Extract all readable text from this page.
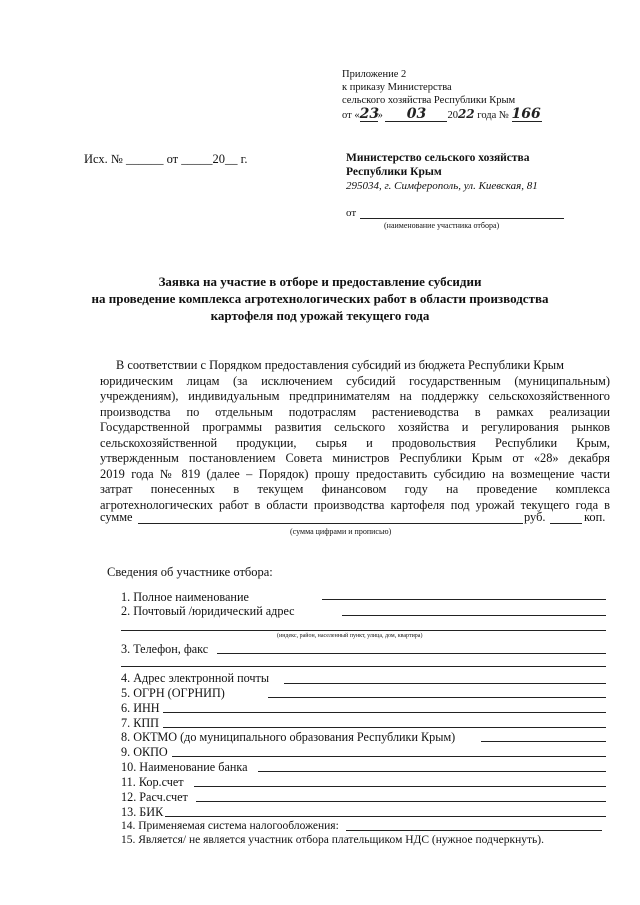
Приложение 2
к приказу Министерства
сельского хозяйства Республики Крым
от «23» 03 2022 года № 166
Исх. № ______ от _____20__ г.	Министерство сельского хозяйства
Республики Крым
295034, г. Симферополь, ул. Киевская, 81
от
(наименование участника отбора)
Заявка на участие в отборе и предоставление субсидии
на проведение комплекса агротехнологических работ в области производства
картофеля под урожай текущего года
В соответствии с Порядком предоставления субсидий из бюджета Республики Крым
юридическим лицам (за исключением субсидий государственным (муниципальным)
учреждениям), индивидуальным предпринимателям на поддержку сельскохозяйственного
производства по отдельным подотраслям растениеводства в рамках реализации
Государственной программы развития сельского хозяйства и регулирования рынков
сельскохозяйственной продукции, сырья и продовольствия Республики Крым,
утвержденным постановлением Совета министров Республики Крым от «28» декабря
2019 года № 819 (далее – Порядок) прошу предоставить субсидию на возмещение части
затрат понесенных в текущем финансовом году на проведение комплекса
агротехнологических работ в области производства картофеля под урожай текущего года в
сумме	руб.	коп.
(сумма цифрами и прописью)
Сведения об участнике отбора:
1. Полное наименование
2. Почтовый /юридический адрес
(индекс, район, населенный пункт, улица, дом, квартира)
3. Телефон, факс
4. Адрес электронной почты
5. ОГРН (ОГРНИП)
6. ИНН
7. КПП
8. ОКТМО (до муниципального образования Республики Крым)
9. ОКПО
10. Наименование банка
11. Кор.счет
12. Расч.счет
13. БИК
14. Применяемая система налогообложения:
15. Является/ не является участник отбора плательщиком НДС (нужное подчеркнуть).
